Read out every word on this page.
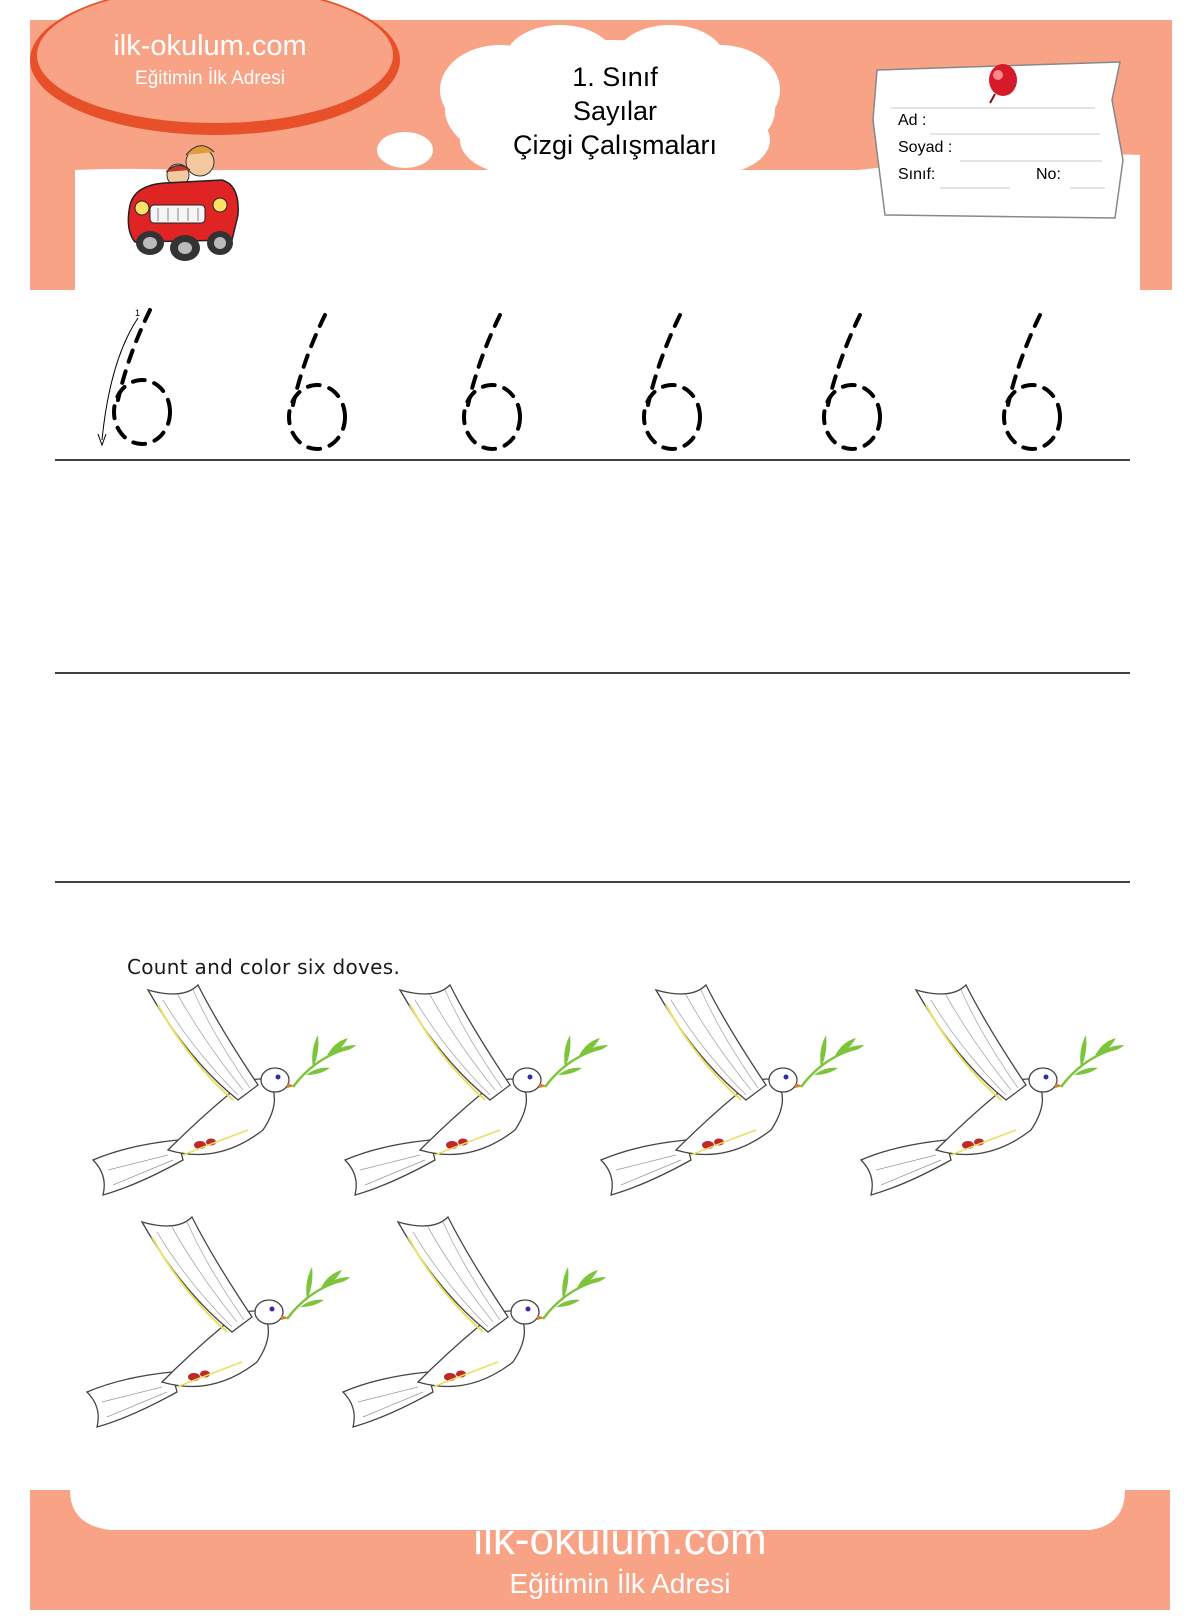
ilk-okulum.com
Eğitimin İlk Adresi	1. Sınıf
Sayılar
Çizgi Çalışmaları
Ad :
Soyad :
Sınıf:	No:
1
Count and color six doves.
ilk-okulum.com
Eğitimin İlk Adresi
